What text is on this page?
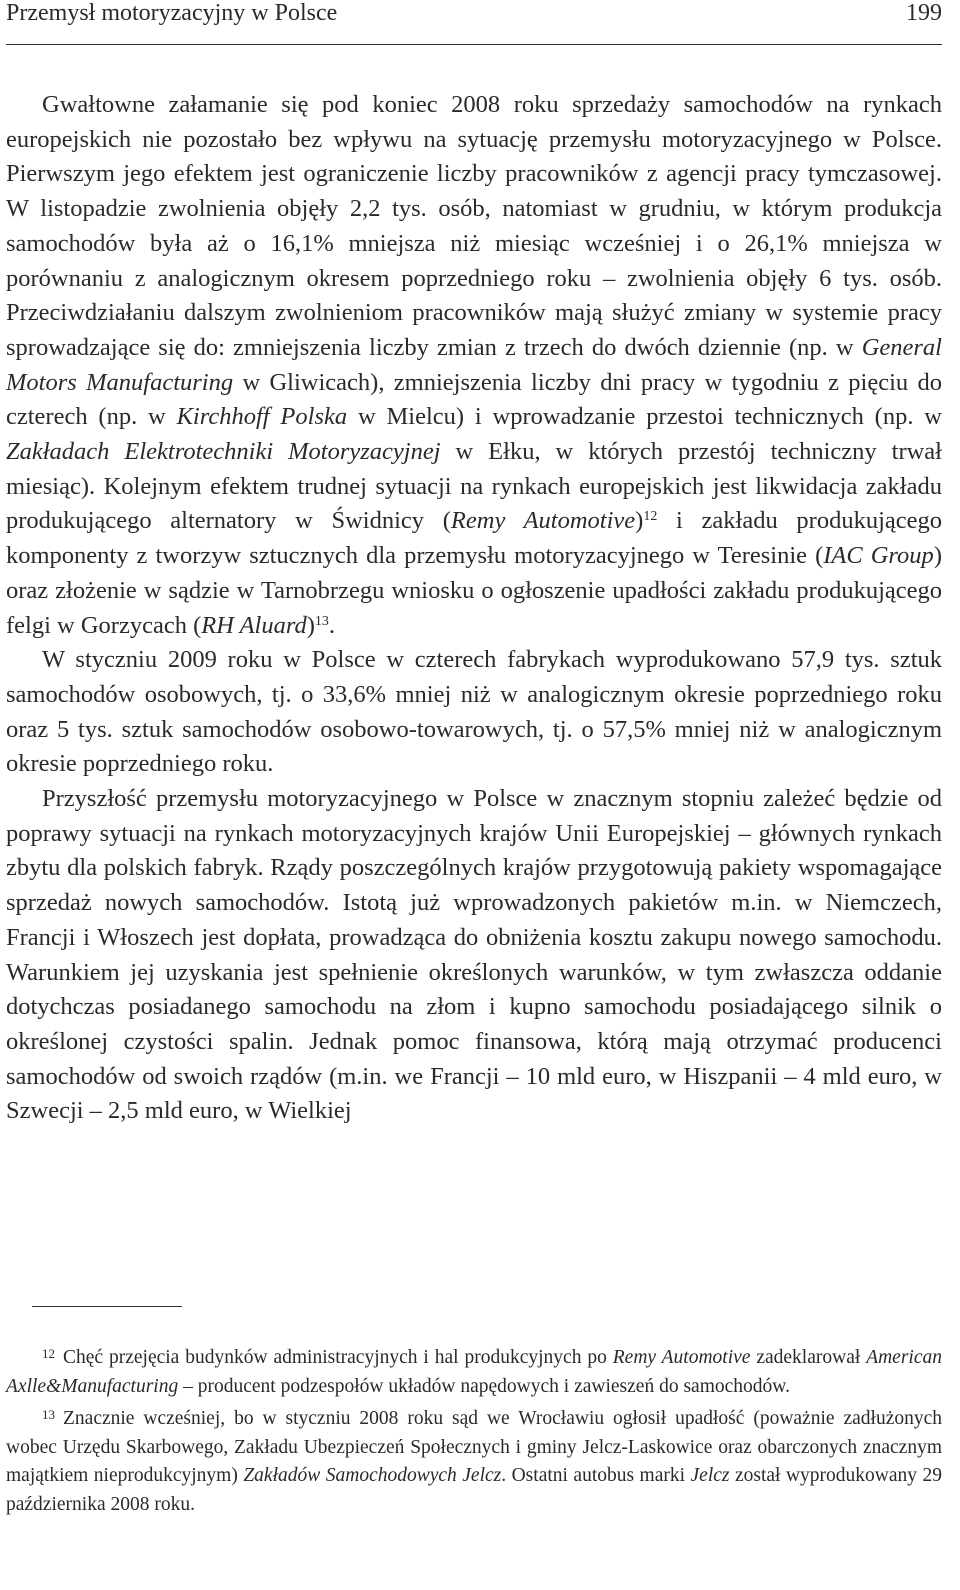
Przemysł motoryzacyjny w Polsce	199

Gwałtowne załamanie się pod koniec 2008 roku sprzedaży samochodów na rynkach europejskich nie pozostało bez wpływu na sytuację przemysłu motoryzacyjnego w Polsce. Pierwszym jego efektem jest ograniczenie liczby pracowników z agencji pracy tymczasowej. W listopadzie zwolnienia objęły 2,2 tys. osób, natomiast w grudniu, w którym produkcja samochodów była aż o 16,1% mniejsza niż miesiąc wcześniej i o 26,1% mniejsza w porównaniu z analogicznym okresem poprzedniego roku – zwolnienia objęły 6 tys. osób. Przeciwdziałaniu dalszym zwolnieniom pracowników mają służyć zmiany w systemie pracy sprowadzające się do: zmniejszenia liczby zmian z trzech do dwóch dziennie (np. w General Motors Manufacturing w Gliwicach), zmniejszenia liczby dni pracy w tygodniu z pięciu do czterech (np. w Kirchhoff Polska w Mielcu) i wprowadzanie przestoi technicznych (np. w Zakładach Elektrotechniki Motoryzacyjnej w Ełku, w których przestój techniczny trwał miesiąc). Kolejnym efektem trudnej sytuacji na rynkach europejskich jest likwidacja zakładu produkującego alternatory w Świdnicy (Remy Automotive)$^{12}$ i zakładu produkującego komponenty z tworzyw sztucznych dla przemysłu motoryzacyjnego w Teresinie (IAC Group) oraz złożenie w sądzie w Tarnobrzegu wniosku o ogłoszenie upadłości zakładu produkującego felgi w Gorzycach (RH Aluard)$^{13}$.

W styczniu 2009 roku w Polsce w czterech fabrykach wyprodukowano 57,9 tys. sztuk samochodów osobowych, tj. o 33,6% mniej niż w analogicznym okresie poprzedniego roku oraz 5 tys. sztuk samochodów osobowo-towarowych, tj. o 57,5% mniej niż w analogicznym okresie poprzedniego roku.

Przyszłość przemysłu motoryzacyjnego w Polsce w znacznym stopniu zależeć będzie od poprawy sytuacji na rynkach motoryzacyjnych krajów Unii Europejskiej – głównych rynkach zbytu dla polskich fabryk. Rządy poszczególnych krajów przygotowują pakiety wspomagające sprzedaż nowych samochodów. Istotą już wprowadzonych pakietów m.in. w Niemczech, Francji i Włoszech jest dopłata, prowadząca do obniżenia kosztu zakupu nowego samochodu. Warunkiem jej uzyskania jest spełnienie określonych warunków, w tym zwłaszcza oddanie dotychczas posiadanego samochodu na złom i kupno samochodu posiadającego silnik o określonej czystości spalin. Jednak pomoc finansowa, którą mają otrzymać producenci samochodów od swoich rządów (m.in. we Francji – 10 mld euro, w Hiszpanii – 4 mld euro, w Szwecji – 2,5 mld euro, w Wielkiej

$^{12}$ Chęć przejęcia budynków administracyjnych i hal produkcyjnych po Remy Automotive zadeklarował American Axlle&Manufacturing – producent podzespołów układów napędowych i zawieszeń do samochodów.

$^{13}$ Znacznie wcześniej, bo w styczniu 2008 roku sąd we Wrocławiu ogłosił upadłość (poważnie zadłużonych wobec Urzędu Skarbowego, Zakładu Ubezpieczeń Społecznych i gminy Jelcz-Laskowice oraz obarczonych znacznym majątkiem nieprodukcyjnym) Zakładów Samochodowych Jelcz. Ostatni autobus marki Jelcz został wyprodukowany 29 października 2008 roku.
